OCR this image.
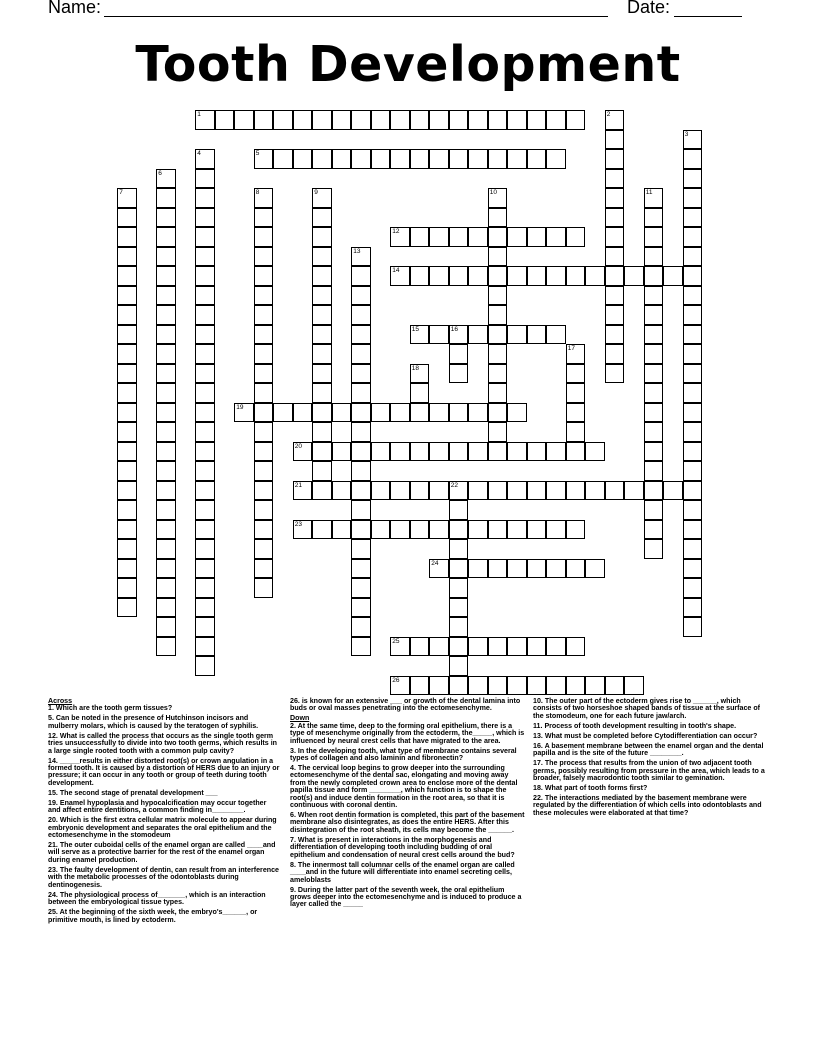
Name:	Date:
Tooth Development
1	2
3
4	5
6
7	8	9	10	11
12
13
14
15	16
17
18
19
20
21	22
23
24
25
26

Across

1. Which are the tooth germ tissues?

5. Can be noted in the presence of Hutchinson incisors and mulberry molars, which is caused by the teratogen of syphilis.

12. What is called the process that occurs as the single tooth germ tries unsuccessfully to divide into two tooth germs, which results in a large single rooted tooth with a common pulp cavity?

14. _____results in either distorted root(s) or crown angulation in a formed tooth. It is caused by a distortion of HERS due to an injury or pressure; it can occur in any tooth or group of teeth during tooth development.

15. The second stage of prenatal development ___

19. Enamel hypoplasia and hypocalcification may occur together and affect entire dentitions, a common finding in________.

20. Which is the first extra cellular matrix molecule to appear during embryonic development and separates the oral epithelium and the ectomesenchyme in the stomodeum

21. The outer cuboidal cells of the enamel organ are called ____and will serve as a protective barrier for the rest of the enamel organ during enamel production.

23. The faulty development of dentin, can result from an interference with the metabolic processes of the odontoblasts during dentinogenesis.

24. The physiological process of_______, which is an interaction between the embryological tissue types.

25. At the beginning of the sixth week, the embryo's______, or primitive mouth, is lined by ectoderm.

26. is known for an extensive ___ or growth of the dental lamina into buds or oval masses penetrating into the ectomesenchyme.

Down

2. At the same time, deep to the forming oral epithelium, there is a type of mesenchyme originally from the ectoderm, the_____, which is influenced by neural crest cells that have migrated to the area.

3. In the developing tooth, what type of membrane contains several types of collagen and also laminin and fibronectin?

4. The cervical loop begins to grow deeper into the surrounding ectomesenchyme of the dental sac, elongating and moving away from the newly completed crown area to enclose more of the dental papilla tissue and form ________, which function is to shape the root(s) and induce dentin formation in the root area, so that it is continuous with coronal dentin.

6. When root dentin formation is completed, this part of the basement membrane also disintegrates, as does the entire HERS. After this disintegration of the root sheath, its cells may become the ______.

7. What is present in interactions in the morphogenesis and differentiation of developing tooth including budding of oral epithelium and condensation of neural crest cells around the bud?

8. The innermost tall columnar cells of the enamel organ are called ____and in the future will differentiate into enamel secreting cells, ameloblasts

9. During the latter part of the seventh week, the oral epithelium grows deeper into the ectomesenchyme and is induced to produce a layer called the _____

10. The outer part of the ectoderm gives rise to ______, which consists of two horseshoe shaped bands of tissue at the surface of the stomodeum, one for each future jaw/arch.

11. Process of tooth development resulting in tooth's shape.

13. What must be completed before Cytodifferentiation can occur?

16. A basement membrane between the enamel organ and the dental papilla and is the site of the future ________.

17. The process that results from the union of two adjacent tooth germs, possibly resulting from pressure in the area, which leads to a broader, falsely macrodontic tooth similar to gemination.

18. What part of tooth forms first?

22. The interactions mediated by the basement membrane were regulated by the differentiation of which cells into odontoblasts and these molecules were elaborated at that time?
